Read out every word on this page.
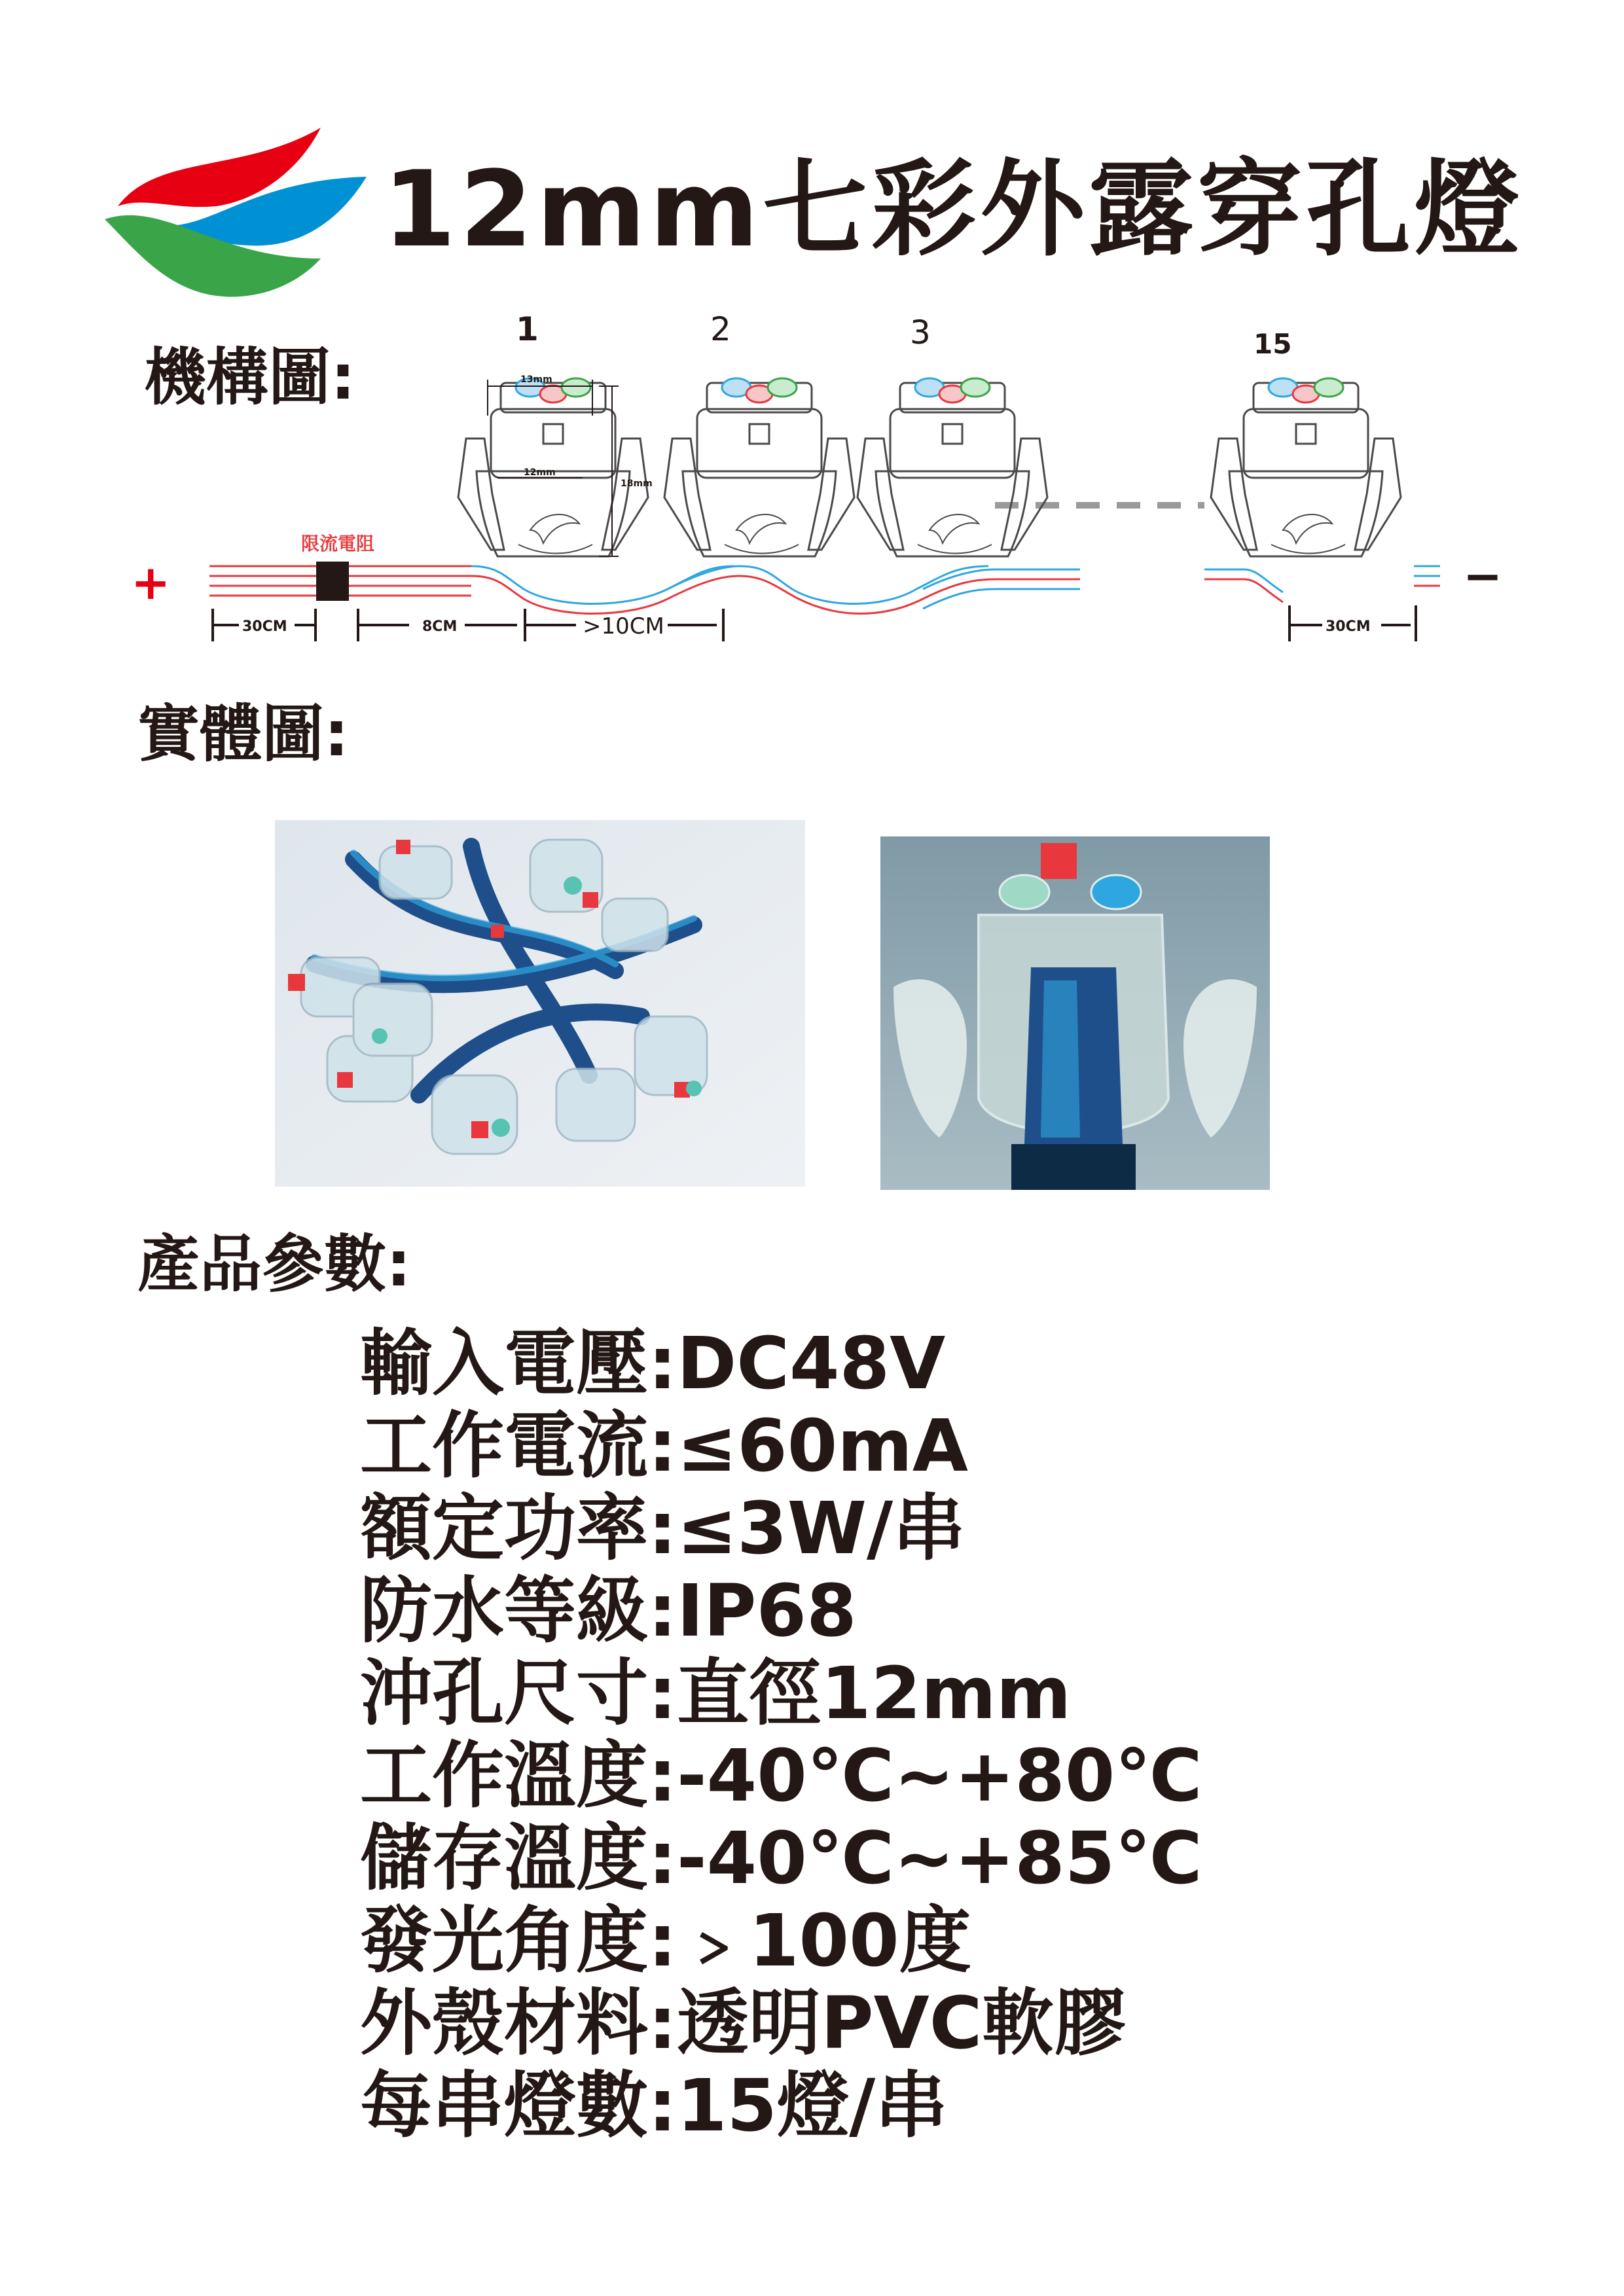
12mm七彩外露穿孔燈
機構圖:
限流電阻
+	−
1	2	3	15
13mm
12mm
18mm
30CM	8CM	>10CM	30CM
實體圖:
產品參數:
輸入電壓:DC48V
工作電流:≤60mA
額定功率:≤3W/串
防水等級:IP68
沖孔尺寸:直徑12mm
工作溫度:-40℃~+80℃
儲存溫度:-40℃~+85℃
發光角度:﹥100度
外殼材料:透明PVC軟膠
每串燈數:15燈/串
